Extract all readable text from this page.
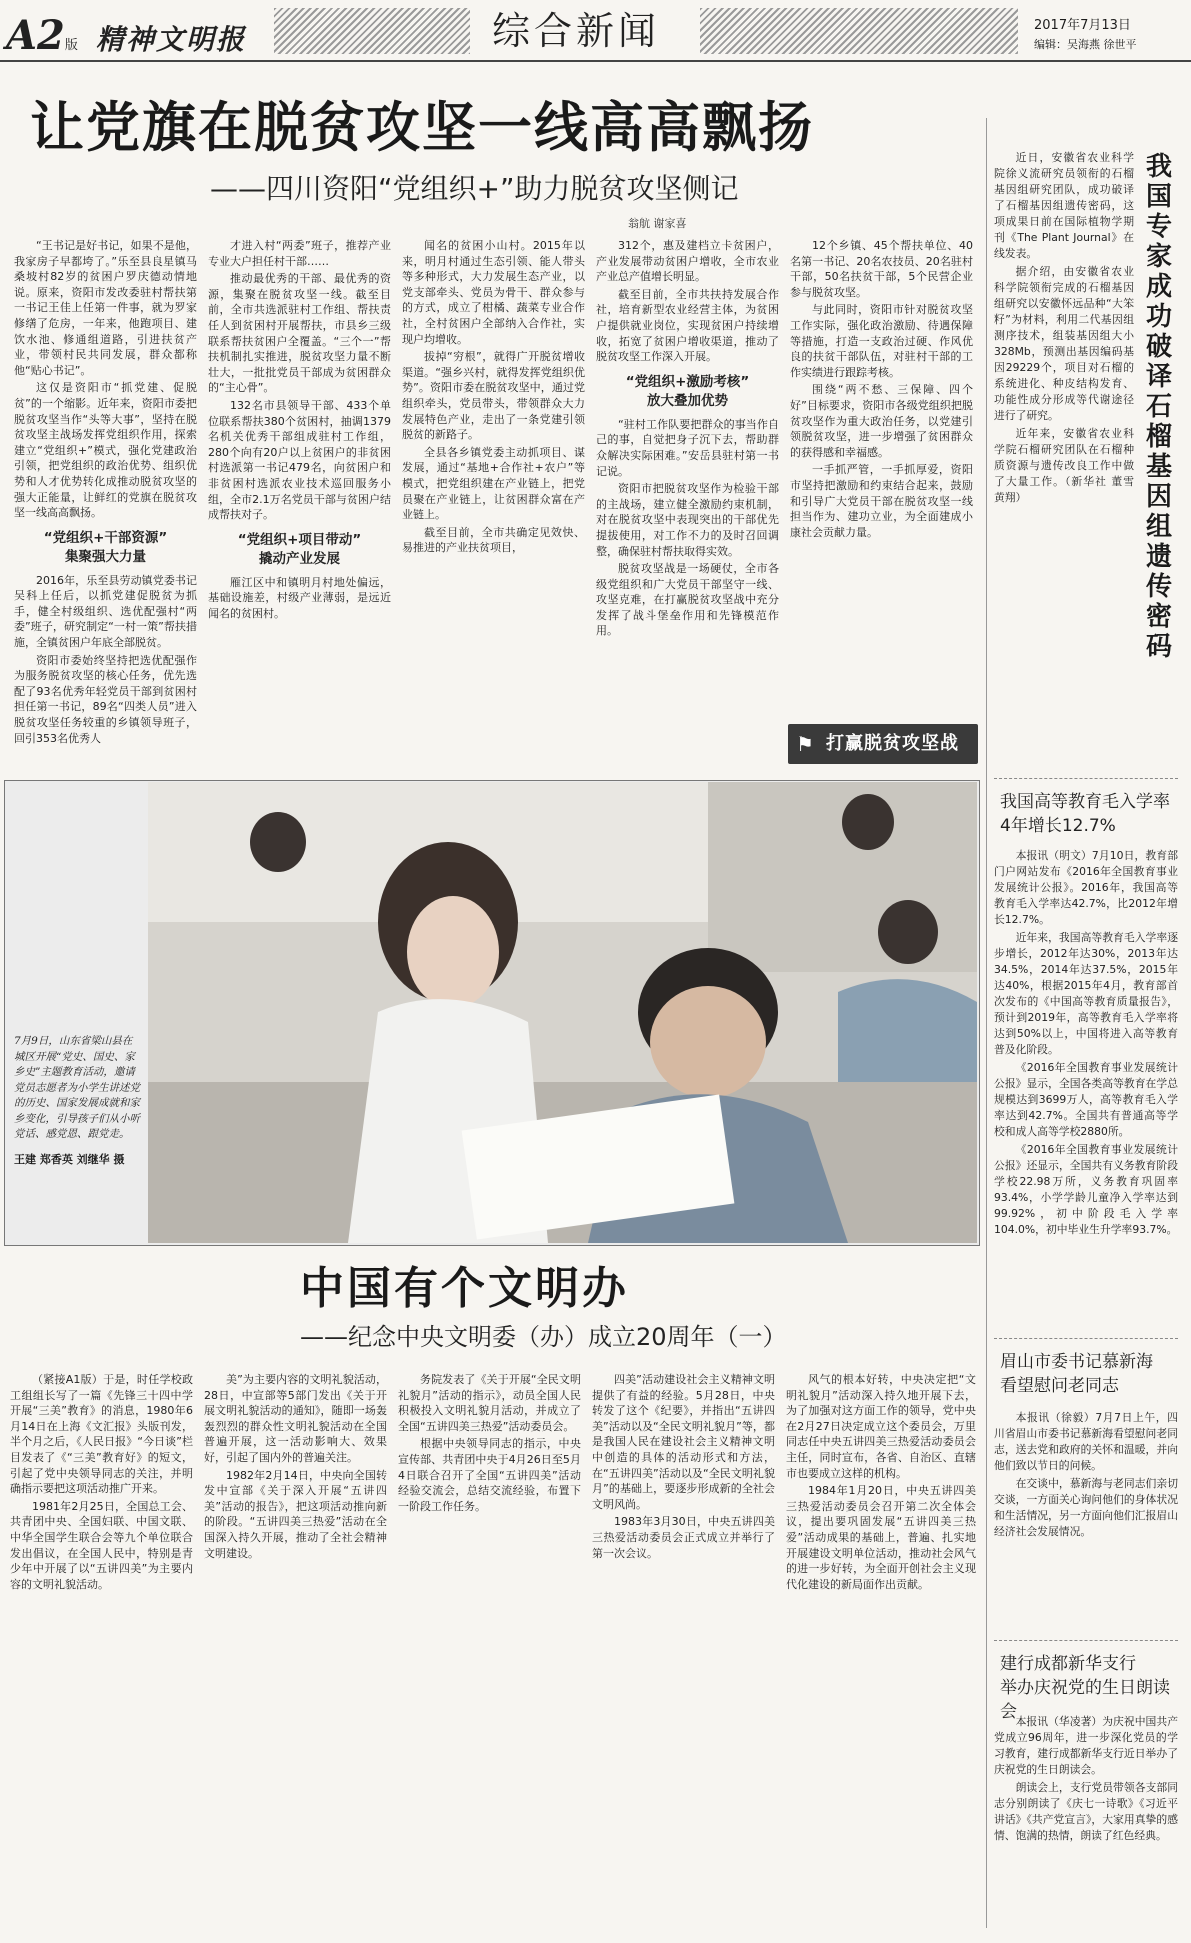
A2版 精神文明报	综合新闻	2017年7月13日
编辑：吴海燕 徐世平
让党旗在脱贫攻坚一线高高飘扬
——四川资阳“党组织+”助力脱贫攻坚侧记
翁航 谢家喜

“王书记是好书记，如果不是他，我家房子早都垮了。”乐至县良星镇马桑坡村82岁的贫困户罗庆德动情地说。原来，资阳市发改委驻村帮扶第一书记王佳上任第一件事，就为罗家修缮了危房，一年来，他跑项目、建饮水池、修通组道路，引进扶贫产业，带领村民共同发展，群众都称他“贴心书记”。

这仅是资阳市“抓党建、促脱贫”的一个缩影。近年来，资阳市委把脱贫攻坚当作“头等大事”，坚持在脱贫攻坚主战场发挥党组织作用，探索建立“党组织+”模式，强化党建政治引领，把党组织的政治优势、组织优势和人才优势转化成推动脱贫攻坚的强大正能量，让鲜红的党旗在脱贫攻坚一线高高飘扬。

“党组织+干部资源”
集聚强大力量

2016年，乐至县劳动镇党委书记吴科上任后，以抓党建促脱贫为抓手，健全村级组织、选优配强村“两委”班子，研究制定“一村一策”帮扶措施，全镇贫困户年底全部脱贫。

资阳市委始终坚持把选优配强作为服务脱贫攻坚的核心任务，优先选配了93名优秀年轻党员干部到贫困村担任第一书记，89名“四类人员”进入脱贫攻坚任务较重的乡镇领导班子，回引353名优秀人

才进入村“两委”班子，推荐产业专业大户担任村干部……

推动最优秀的干部、最优秀的资源，集聚在脱贫攻坚一线。截至目前，全市共选派驻村工作组、帮扶责任人到贫困村开展帮扶，市县乡三级联系帮扶贫困户全覆盖。“三个一”帮扶机制扎实推进，脱贫攻坚力量不断壮大，一批批党员干部成为贫困群众的“主心骨”。

132名市县领导干部、433个单位联系帮扶380个贫困村，抽调1379名机关优秀干部组成驻村工作组，280个向有20户以上贫困户的非贫困村选派第一书记479名，向贫困户和非贫困村选派农业技术巡回服务小组，全市2.1万名党员干部与贫困户结成帮扶对子。

“党组织+项目带动”
撬动产业发展

雁江区中和镇明月村地处偏远，基础设施差，村级产业薄弱，是远近闻名的贫困村。

闻名的贫困小山村。2015年以来，明月村通过生态引领、能人带头等多种形式，大力发展生态产业，以党支部牵头、党员为骨干、群众参与的方式，成立了柑橘、蔬菜专业合作社，全村贫困户全部纳入合作社，实现户均增收。

拔掉“穷根”，就得广开脱贫增收渠道。“强乡兴村，就得发挥党组织优势”。资阳市委在脱贫攻坚中，通过党组织牵头，党员带头，带领群众大力发展特色产业，走出了一条党建引领脱贫的新路子。

全县各乡镇党委主动抓项目、谋发展，通过“基地+合作社+农户”等模式，把党组织建在产业链上，把党员聚在产业链上，让贫困群众富在产业链上。

截至目前，全市共确定见效快、易推进的产业扶贫项目，

312个，惠及建档立卡贫困户，产业发展带动贫困户增收，全市农业产业总产值增长明显。

截至目前，全市共扶持发展合作社，培育新型农业经营主体，为贫困户提供就业岗位，实现贫困户持续增收，拓宽了贫困户增收渠道，推动了脱贫攻坚工作深入开展。

“党组织+激励考核”
放大叠加优势

“驻村工作队要把群众的事当作自己的事，自觉把身子沉下去，帮助群众解决实际困难。”安岳县驻村第一书记说。

资阳市把脱贫攻坚作为检验干部的主战场，建立健全激励约束机制，对在脱贫攻坚中表现突出的干部优先提拔使用，对工作不力的及时召回调整，确保驻村帮扶取得实效。

脱贫攻坚战是一场硬仗，全市各级党组织和广大党员干部坚守一线、攻坚克难，在打赢脱贫攻坚战中充分发挥了战斗堡垒作用和先锋模范作用。

12个乡镇、45个帮扶单位、40名第一书记、20名农技员、20名驻村干部，50名扶贫干部，5个民营企业参与脱贫攻坚。

与此同时，资阳市针对脱贫攻坚工作实际，强化政治激励、待遇保障等措施，打造一支政治过硬、作风优良的扶贫干部队伍，对驻村干部的工作实绩进行跟踪考核。

围绕“两不愁、三保障、四个好”目标要求，资阳市各级党组织把脱贫攻坚作为重大政治任务，以党建引领脱贫攻坚，进一步增强了贫困群众的获得感和幸福感。

一手抓严管，一手抓厚爱，资阳市坚持把激励和约束结合起来，鼓励和引导广大党员干部在脱贫攻坚一线担当作为、建功立业，为全面建成小康社会贡献力量。

⚑ 打赢脱贫攻坚战

近日，安徽省农业科学院徐义流研究员领衔的石榴基因组研究团队，成功破译了石榴基因组遗传密码，这项成果日前在国际植物学期刊《The Plant Journal》在线发表。

据介绍，由安徽省农业科学院领衔完成的石榴基因组研究以安徽怀远品种“大笨籽”为材料，利用二代基因组测序技术，组装基因组大小328Mb，预测出基因编码基因29229个，项目对石榴的系统进化、种皮结构发育、功能性成分形成等代谢途径进行了研究。

近年来，安徽省农业科学院石榴研究团队在石榴种质资源与遗传改良工作中做了大量工作。（新华社 董雪 黄翔）

我国专家成功破译石榴基因组遗传密码
我国高等教育毛入学率
4年增长12.7%

本报讯（明文）7月10日，教育部门户网站发布《2016年全国教育事业发展统计公报》。2016年，我国高等教育毛入学率达42.7%，比2012年增长12.7%。

近年来，我国高等教育毛入学率逐步增长，2012年达30%，2013年达34.5%，2014年达37.5%，2015年达40%，根据2015年4月，教育部首次发布的《中国高等教育质量报告》，预计到2019年，高等教育毛入学率将达到50%以上，中国将进入高等教育普及化阶段。

《2016年全国教育事业发展统计公报》显示，全国各类高等教育在学总规模达到3699万人，高等教育毛入学率达到42.7%。全国共有普通高等学校和成人高等学校2880所。

《2016年全国教育事业发展统计公报》还显示，全国共有义务教育阶段学校22.98万所，义务教育巩固率93.4%，小学学龄儿童净入学率达到99.92%，初中阶段毛入学率104.0%，初中毕业生升学率93.7%。

眉山市委书记慕新海
看望慰问老同志

本报讯（徐毅）7月7日上午，四川省眉山市委书记慕新海看望慰问老同志，送去党和政府的关怀和温暖，并向他们致以节日的问候。

在交谈中，慕新海与老同志们亲切交谈，一方面关心询问他们的身体状况和生活情况，另一方面向他们汇报眉山经济社会发展情况。

建行成都新华支行
举办庆祝党的生日朗读会

本报讯（华凌著）为庆祝中国共产党成立96周年，进一步深化党员的学习教育，建行成都新华支行近日举办了庆祝党的生日朗读会。

朗读会上，支行党员带领各支部同志分别朗读了《庆七一诗歌》《习近平讲话》《共产党宣言》，大家用真挚的感情、饱满的热情，朗读了红色经典。

7月9日，山东省梁山县在城区开展“党史、国史、家乡史”主题教育活动，邀请党员志愿者为小学生讲述党的历史、国家发展成就和家乡变化，引导孩子们从小听党话、感党恩、跟党走。
王建 郑香英 刘继华 摄
中国有个文明办
——纪念中央文明委（办）成立20周年（一）

（紧接A1版）于是，时任学校政工组组长写了一篇《先锋三十四中学开展“三美”教育》的消息，1980年6月14日在上海《文汇报》头版刊发，半个月之后，《人民日报》“今日谈”栏目发表了《“三美”教育好》的短文，引起了党中央领导同志的关注，并明确指示要把这项活动推广开来。

1981年2月25日，全国总工会、共青团中央、全国妇联、中国文联、中华全国学生联合会等九个单位联合发出倡议，在全国人民中，特别是青少年中开展了以“五讲四美”为主要内容的文明礼貌活动。

美”为主要内容的文明礼貌活动，28日，中宣部等5部门发出《关于开展文明礼貌活动的通知》，随即一场轰轰烈烈的群众性文明礼貌活动在全国普遍开展，这一活动影响大、效果好，引起了国内外的普遍关注。

1982年2月14日，中央向全国转发中宣部《关于深入开展“五讲四美”活动的报告》，把这项活动推向新的阶段。“五讲四美三热爱”活动在全国深入持久开展，推动了全社会精神文明建设。

务院发表了《关于开展“全民文明礼貌月”活动的指示》，动员全国人民积极投入文明礼貌月活动，并成立了全国“五讲四美三热爱”活动委员会。

根据中央领导同志的指示，中央宣传部、共青团中央于4月26日至5月4日联合召开了全国“五讲四美”活动经验交流会，总结交流经验，布置下一阶段工作任务。

四美”活动建设社会主义精神文明提供了有益的经验。5月28日，中央转发了这个《纪要》，并指出“五讲四美”活动以及“全民文明礼貌月”等，都是我国人民在建设社会主义精神文明中创造的具体的活动形式和方法，在“五讲四美”活动以及“全民文明礼貌月”的基础上，要逐步形成新的全社会文明风尚。

1983年3月30日，中央五讲四美三热爱活动委员会正式成立并举行了第一次会议。

风气的根本好转，中央决定把“文明礼貌月”活动深入持久地开展下去，为了加强对这方面工作的领导，党中央在2月27日决定成立这个委员会，万里同志任中央五讲四美三热爱活动委员会主任，同时宣布，各省、自治区、直辖市也要成立这样的机构。

1984年1月20日，中央五讲四美三热爱活动委员会召开第二次全体会议，提出要巩固发展“五讲四美三热爱”活动成果的基础上，普遍、扎实地开展建设文明单位活动，推动社会风气的进一步好转，为全面开创社会主义现代化建设的新局面作出贡献。
